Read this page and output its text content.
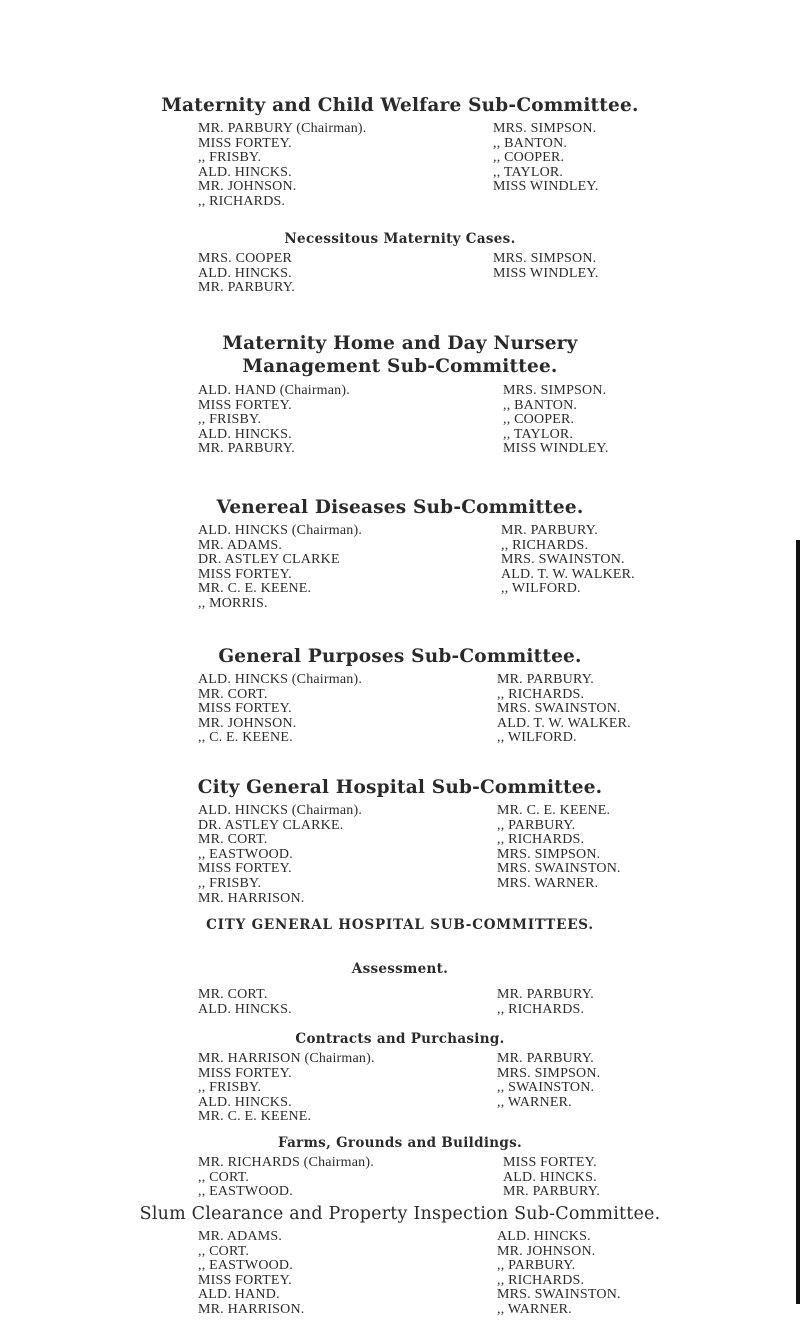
Maternity and Child Welfare Sub-Committee.
MR. PARBURY (Chairman).
MISS FORTEY.
,, FRISBY.
ALD. HINCKS.
MR. JOHNSON.
,, RICHARDS.
MRS. SIMPSON.
,, BANTON.
,, COOPER.
,, TAYLOR.
MISS WINDLEY.
Necessitous Maternity Cases.
MRS. COOPER
ALD. HINCKS.
MR. PARBURY.
MRS. SIMPSON.
MISS WINDLEY.
Maternity Home and Day Nursery
Management Sub-Committee.
ALD. HAND (Chairman).
MISS FORTEY.
,, FRISBY.
ALD. HINCKS.
MR. PARBURY.
MRS. SIMPSON.
,, BANTON.
,, COOPER.
,, TAYLOR.
MISS WINDLEY.
Venereal Diseases Sub-Committee.
ALD. HINCKS (Chairman).
MR. ADAMS.
DR. ASTLEY CLARKE
MISS FORTEY.
MR. C. E. KEENE.
,, MORRIS.
MR. PARBURY.
,, RICHARDS.
MRS. SWAINSTON.
ALD. T. W. WALKER.
,, WILFORD.
General Purposes Sub-Committee.
ALD. HINCKS (Chairman).
MR. CORT.
MISS FORTEY.
MR. JOHNSON.
,, C. E. KEENE.
MR. PARBURY.
,, RICHARDS.
MRS. SWAINSTON.
ALD. T. W. WALKER.
,, WILFORD.
City General Hospital Sub-Committee.
ALD. HINCKS (Chairman).
DR. ASTLEY CLARKE.
MR. CORT.
,, EASTWOOD.
MISS FORTEY.
,, FRISBY.
MR. HARRISON.
MR. C. E. KEENE.
,, PARBURY.
,, RICHARDS.
MRS. SIMPSON.
MRS. SWAINSTON.
MRS. WARNER.
CITY GENERAL HOSPITAL SUB-COMMITTEES.
Assessment.
MR. CORT.
ALD. HINCKS.
MR. PARBURY.
,, RICHARDS.
Contracts and Purchasing.
MR. HARRISON (Chairman).
MISS FORTEY.
,, FRISBY.
ALD. HINCKS.
MR. C. E. KEENE.
MR. PARBURY.
MRS. SIMPSON.
,, SWAINSTON.
,, WARNER.
Farms, Grounds and Buildings.
MR. RICHARDS (Chairman).
,, CORT.
,, EASTWOOD.
MISS FORTEY.
ALD. HINCKS.
MR. PARBURY.
Slum Clearance and Property Inspection Sub-Committee.
MR. ADAMS.
,, CORT.
,, EASTWOOD.
MISS FORTEY.
ALD. HAND.
MR. HARRISON.
ALD. HINCKS.
MR. JOHNSON.
,, PARBURY.
,, RICHARDS.
MRS. SWAINSTON.
,, WARNER.
